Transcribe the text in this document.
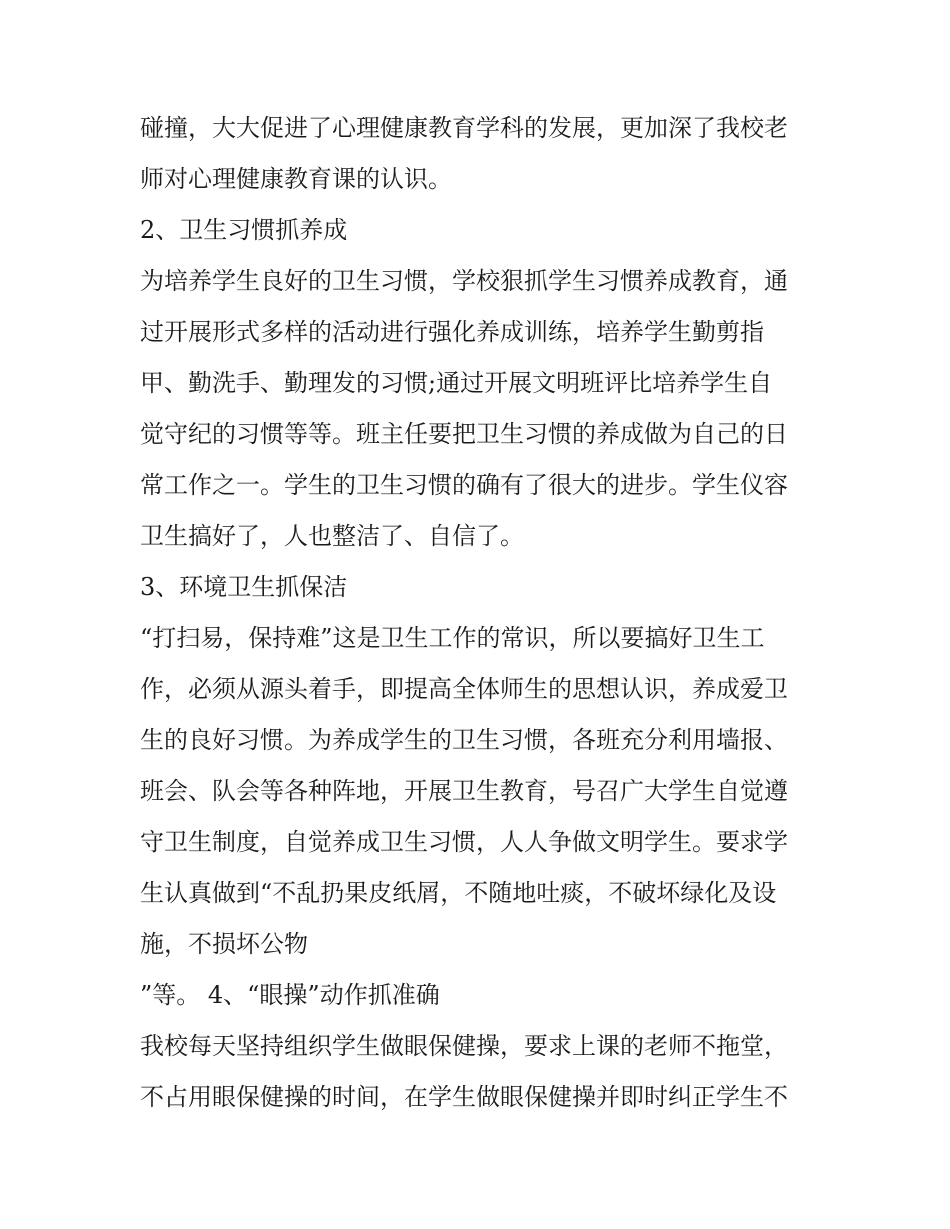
碰撞，大大促进了心理健康教育学科的发展，更加深了我校老
师对心理健康教育课的认识。
2、卫生习惯抓养成
为培养学生良好的卫生习惯，学校狠抓学生习惯养成教育，通
过开展形式多样的活动进行强化养成训练，培养学生勤剪指
甲、勤洗手、勤理发的习惯;通过开展文明班评比培养学生自
觉守纪的习惯等等。班主任要把卫生习惯的养成做为自己的日
常工作之一。学生的卫生习惯的确有了很大的进步。学生仪容
卫生搞好了，人也整洁了、自信了。
3、环境卫生抓保洁
“打扫易，保持难”这是卫生工作的常识，所以要搞好卫生工
作，必须从源头着手，即提高全体师生的思想认识，养成爱卫
生的良好习惯。为养成学生的卫生习惯，各班充分利用墙报、
班会、队会等各种阵地，开展卫生教育，号召广大学生自觉遵
守卫生制度，自觉养成卫生习惯，人人争做文明学生。要求学
生认真做到“不乱扔果皮纸屑，不随地吐痰，不破坏绿化及设
施，不损坏公物
”等。 4、“眼操”动作抓准确
我校每天坚持组织学生做眼保健操，要求上课的老师不拖堂，
不占用眼保健操的时间，在学生做眼保健操并即时纠正学生不
